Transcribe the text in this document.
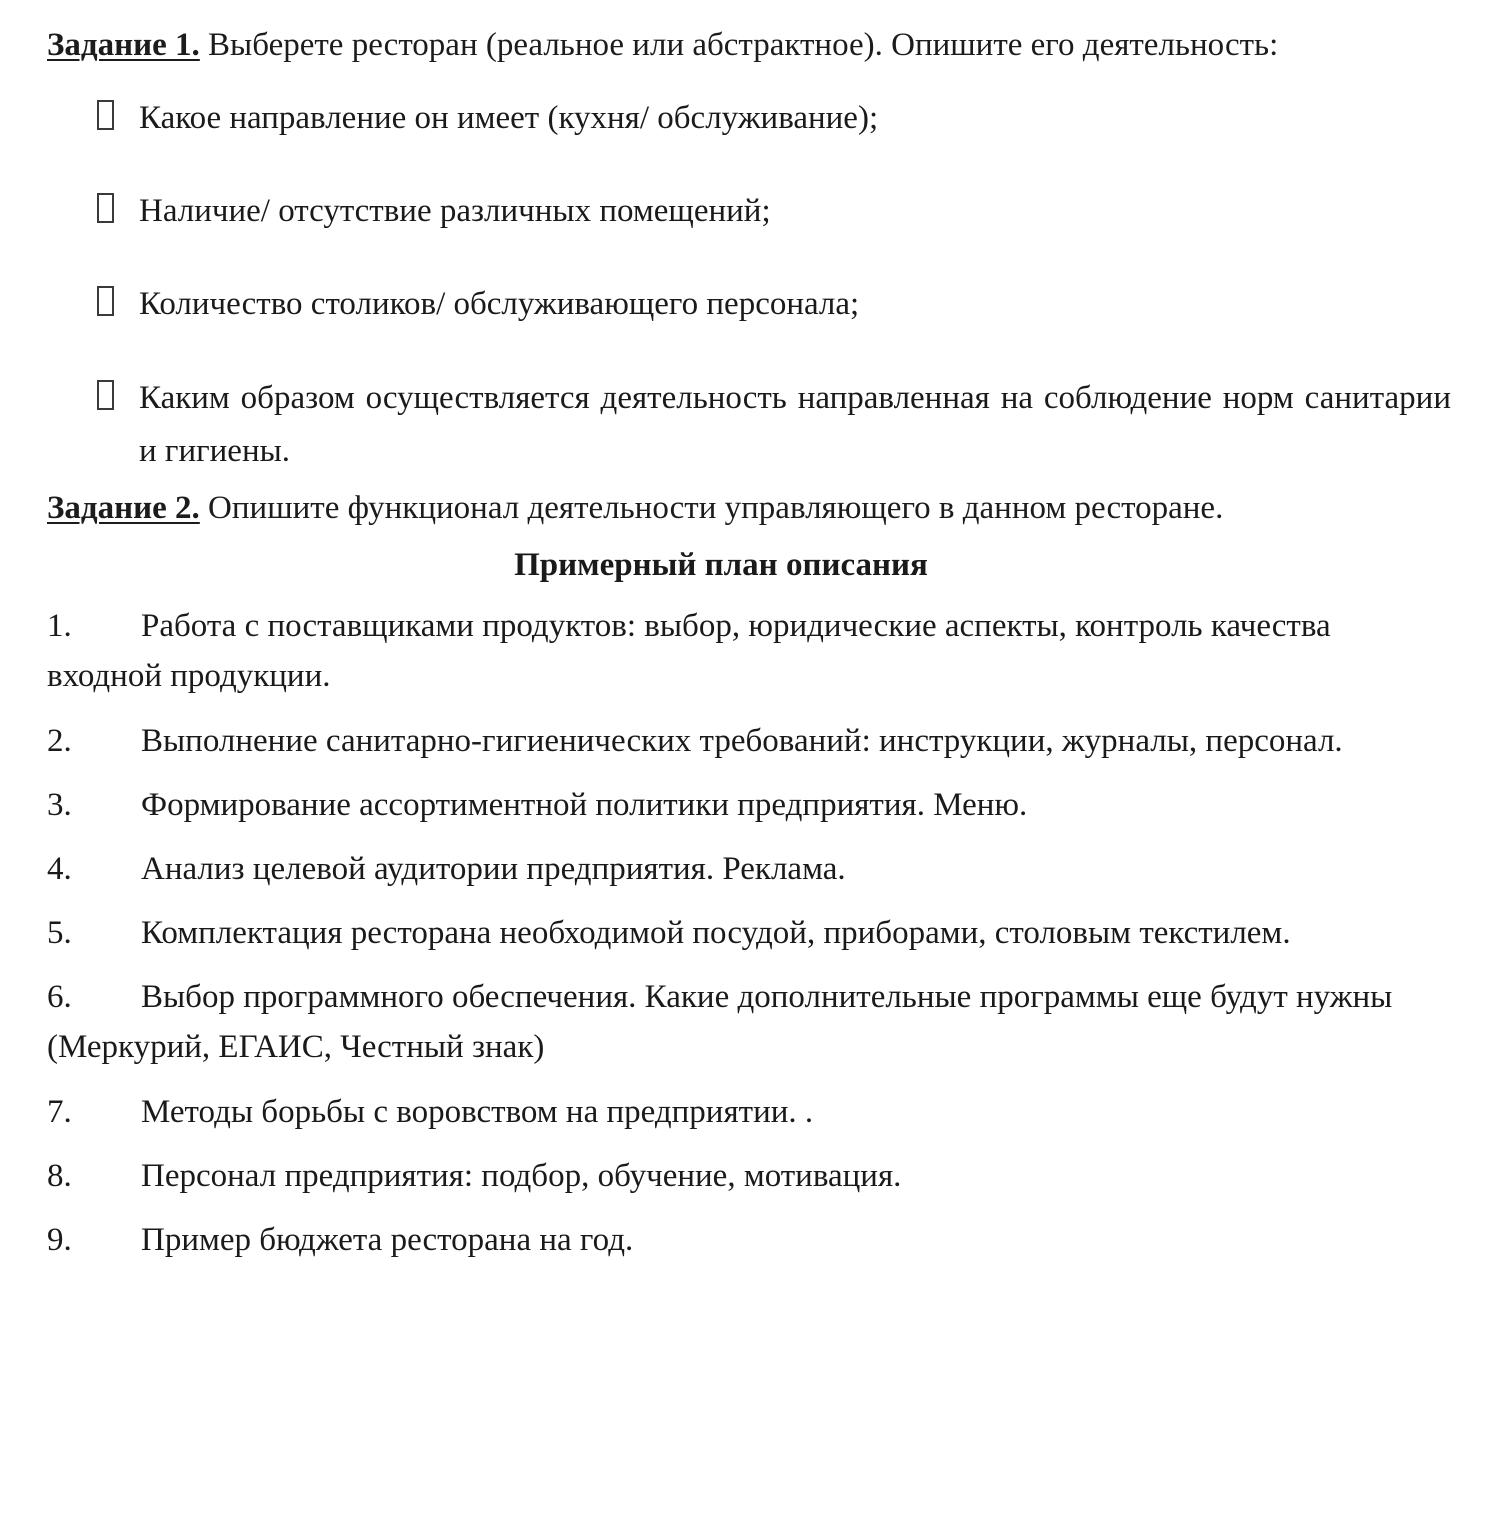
Задание 1. Выберете ресторан (реальное или абстрактное). Опишите его деятельность:

Какое направление он имеет (кухня/ обслуживание);
Наличие/ отсутствие различных помещений;
Количество столиков/ обслуживающего персонала;
Каким образом осуществляется деятельность направленная на соблюдение норм санитарии и гигиены.

Задание 2. Опишите функционал деятельности управляющего в данном ресторане.

Примерный план описания

1.	Работа с поставщиками продуктов: выбор, юридические аспекты, контроль качества входной продукции.
2.	Выполнение санитарно-гигиенических требований: инструкции, журналы, персонал.
3.	Формирование ассортиментной политики предприятия. Меню.
4.	Анализ целевой аудитории предприятия. Реклама.
5.	Комплектация ресторана необходимой посудой, приборами, столовым текстилем.
6.	Выбор программного обеспечения. Какие дополнительные программы еще будут нужны (Меркурий, ЕГАИС, Честный знак)
7.	Методы борьбы с воровством на предприятии. .
8.	Персонал предприятия: подбор, обучение, мотивация.
9.	Пример бюджета ресторана на год.
